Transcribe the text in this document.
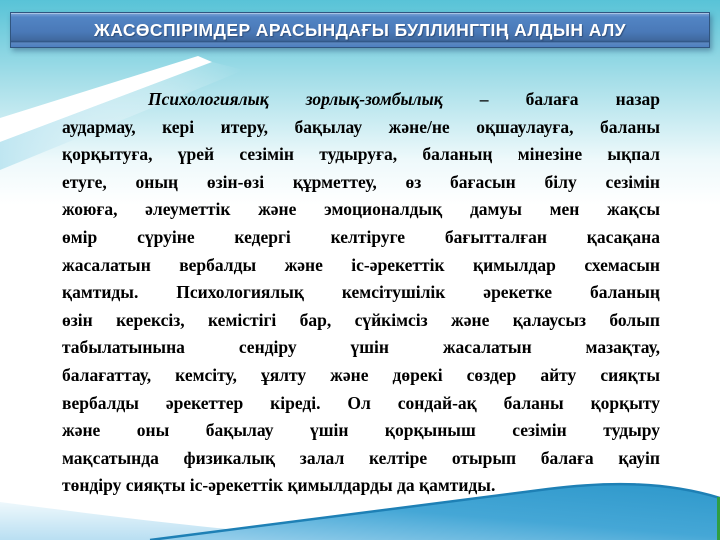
ЖАСӨСПІРІМДЕР АРАСЫНДАҒЫ БУЛЛИНГТІҢ АЛДЫН АЛУ
Психологиялық зорлық-зомбылық – балаға назар
аудармау, кері итеру, бақылау және/не оқшаулауға, баланы
қорқытуға, үрей сезімін тудыруға, баланың мінезіне ықпал
етуге, оның өзін-өзі құрметтеу, өз бағасын білу сезімін
жоюға, әлеуметтік және эмоционалдық дамуы мен жақсы
өмір сүруіне кедергі келтіруге бағытталған қасақана
жасалатын вербалды және іс-әрекеттік қимылдар схемасын
қамтиды. Психологиялық кемсітушілік әрекетке баланың
өзін керексіз, кемістігі бар, сүйкімсіз және қалаусыз болып
табылатынына сендіру үшін жасалатын мазақтау,
балағаттау, кемсіту, ұялту және дөрекі сөздер айту сияқты
вербалды әрекеттер кіреді. Ол сондай-ақ баланы қорқыту
және оны бақылау үшін қорқыныш сезімін тудыру
мақсатында физикалық залал келтіре отырып балаға қауіп
төндіру сияқты іс-әрекеттік қимылдарды да қамтиды.
